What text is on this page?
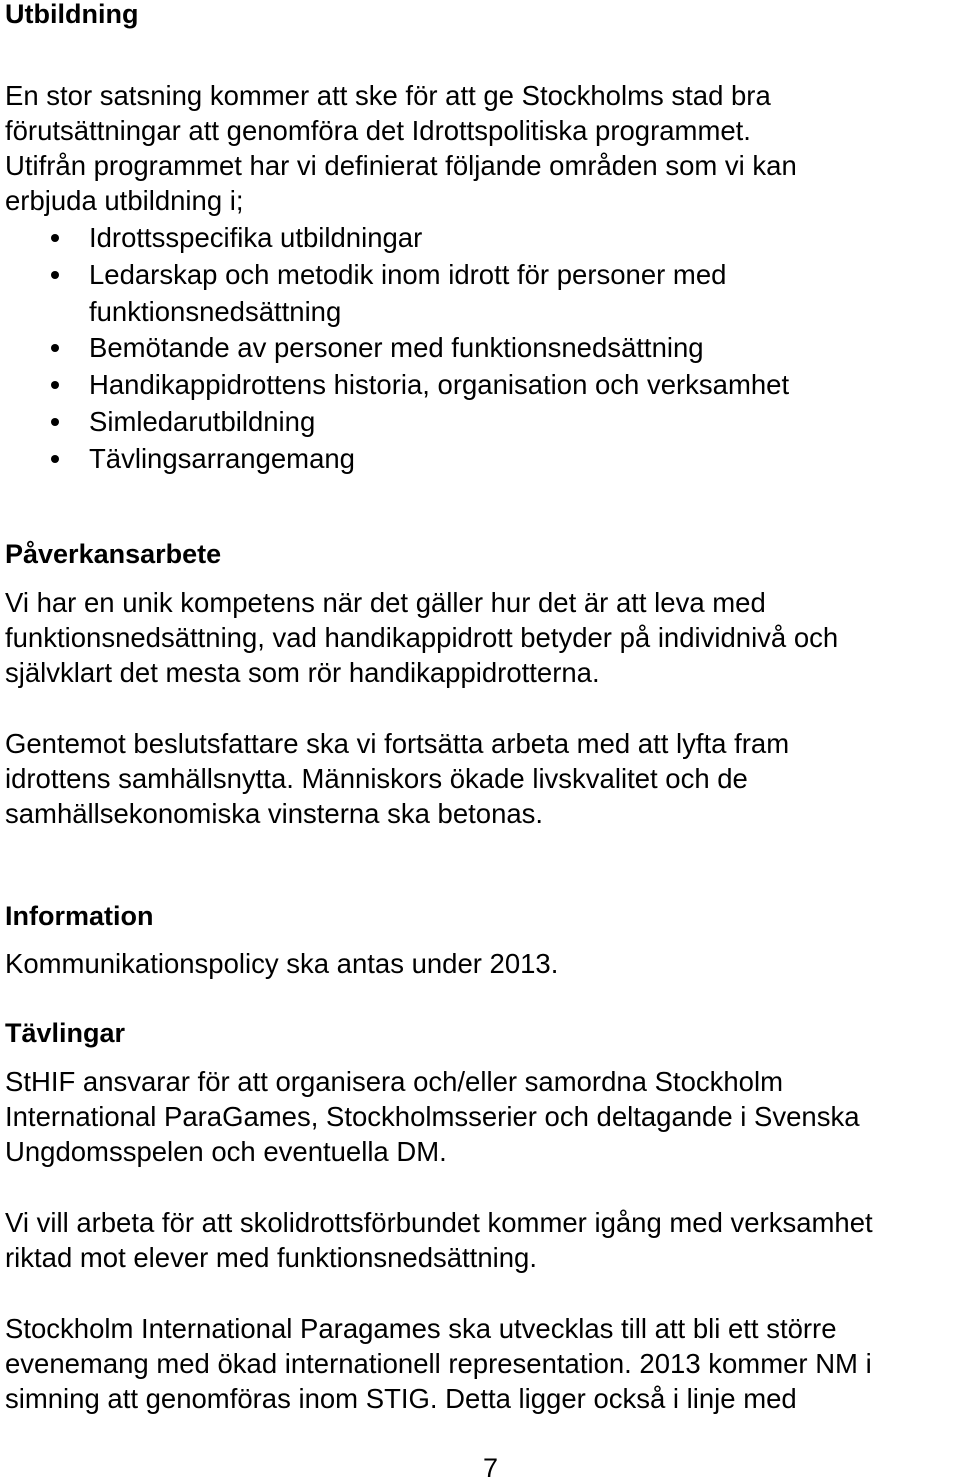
Utbildning
En stor satsning kommer att ske för att ge Stockholms stad bra
förutsättningar att genomföra det Idrottspolitiska programmet.
Utifrån programmet har vi definierat följande områden som vi kan
erbjuda utbildning i;
Idrottsspecifika utbildningar
Ledarskap och metodik inom idrott för personer med
funktionsnedsättning
Bemötande av personer med funktionsnedsättning
Handikappidrottens historia, organisation och verksamhet
Simledarutbildning
Tävlingsarrangemang
Påverkansarbete
Vi har en unik kompetens när det gäller hur det är att leva med
funktionsnedsättning, vad handikappidrott betyder på individnivå och
självklart det mesta som rör handikappidrotterna.
Gentemot beslutsfattare ska vi fortsätta arbeta med att lyfta fram
idrottens samhällsnytta. Människors ökade livskvalitet och de
samhällsekonomiska vinsterna ska betonas.
Information
Kommunikationspolicy ska antas under 2013.
Tävlingar
StHIF ansvarar för att organisera och/eller samordna Stockholm
International ParaGames, Stockholmsserier och deltagande i Svenska
Ungdomsspelen och eventuella DM.
Vi vill arbeta för att skolidrottsförbundet kommer igång med verksamhet
riktad mot elever med funktionsnedsättning.
Stockholm International Paragames ska utvecklas till att bli ett större
evenemang med ökad internationell representation. 2013 kommer NM i
simning att genomföras inom STIG. Detta ligger också i linje med
7
